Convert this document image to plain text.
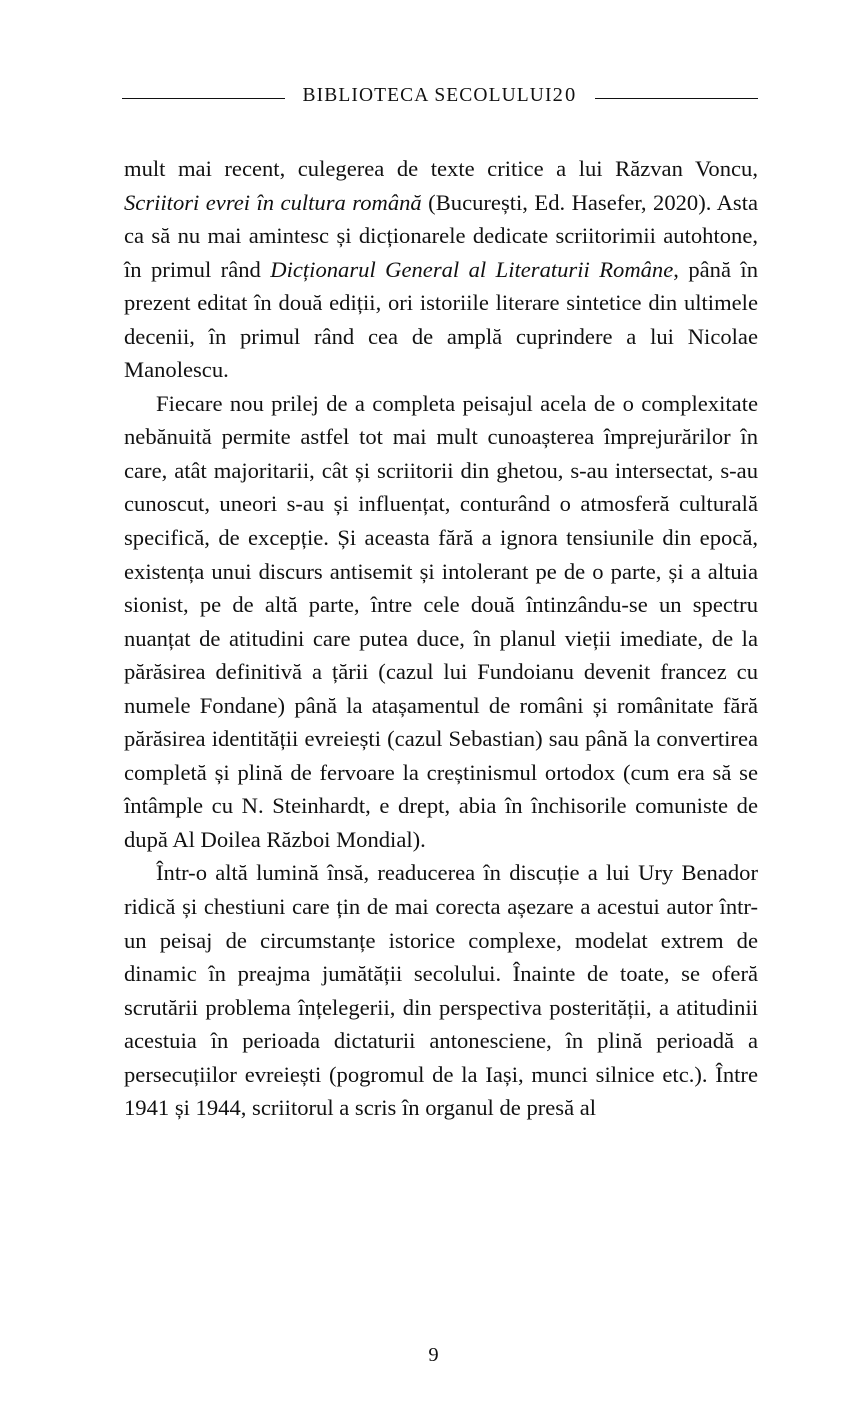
BIBLIOTECA SECOLULUI20

mult mai recent, culegerea de texte critice a lui Răzvan Voncu, Scriitori evrei în cultura română (București, Ed. Hasefer, 2020). Asta ca să nu mai amintesc și dicționarele dedicate scriitorimii autohtone, în primul rând Dicționarul General al Literaturii Române, până în prezent editat în două ediții, ori istoriile literare sintetice din ultimele decenii, în primul rând cea de amplă cuprindere a lui Nicolae Manolescu.

Fiecare nou prilej de a completa peisajul acela de o complexitate nebănuită permite astfel tot mai mult cunoașterea împrejurărilor în care, atât majoritarii, cât și scriitorii din ghetou, s-au intersectat, s-au cunoscut, uneori s-au și influențat, conturând o atmosferă culturală specifică, de excepție. Și aceasta fără a ignora tensiunile din epocă, existența unui discurs antisemit și intolerant pe de o parte, și a altuia sionist, pe de altă parte, între cele două întinzându-se un spectru nuanțat de atitudini care putea duce, în planul vieții imediate, de la părăsirea definitivă a țării (cazul lui Fundoianu devenit francez cu numele Fondane) până la atașamentul de români și românitate fără părăsirea identității evreiești (cazul Sebastian) sau până la convertirea completă și plină de fervoare la creștinismul ortodox (cum era să se întâmple cu N. Steinhardt, e drept, abia în închisorile comuniste de după Al Doilea Război Mondial).

Într-o altă lumină însă, readucerea în discuție a lui Ury Benador ridică și chestiuni care țin de mai corecta așezare a acestui autor într-un peisaj de circumstanțe istorice complexe, modelat extrem de dinamic în preajma jumătății secolului. Înainte de toate, se oferă scrutării problema înțelegerii, din perspectiva posterității, a atitudinii acestuia în perioada dictaturii antonesciene, în plină perioadă a persecuțiilor evreiești (pogromul de la Iași, munci silnice etc.). Între 1941 și 1944, scriitorul a scris în organul de presă al

9
